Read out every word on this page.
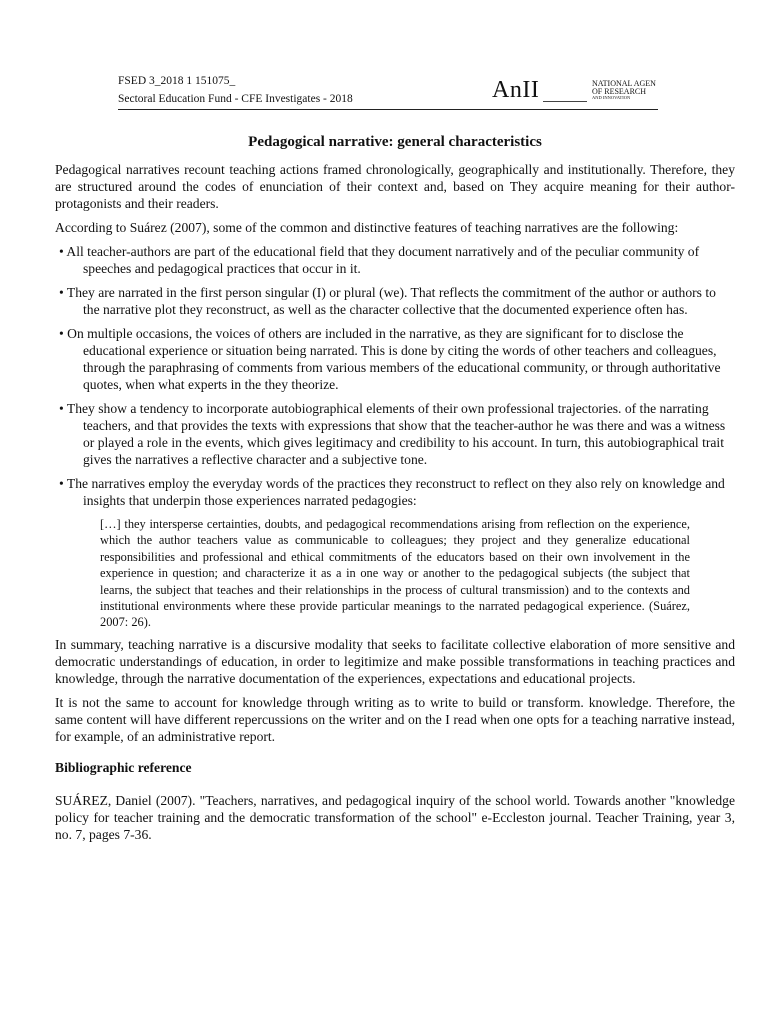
FSED 3_2018 1 151075_
Sectoral Education Fund - CFE Investigates - 2018	AnII	NATIONAL AGEN
OF RESEARCH
AND INNOVATION
Pedagogical narrative: general characteristics

Pedagogical narratives recount teaching actions framed chronologically, geographically and institutionally. Therefore, they are structured around the codes of enunciation of their context and, based on They acquire meaning for their author-protagonists and their readers.

According to Suárez (2007), some of the common and distinctive features of teaching narratives are the following:

• All teacher-authors are part of the educational field that they document narratively and of the peculiar community of speeches and pedagogical practices that occur in it.
• They are narrated in the first person singular (I) or plural (we). That reflects the commitment of the author or authors to the narrative plot they reconstruct, as well as the character collective that the documented experience often has.
• On multiple occasions, the voices of others are included in the narrative, as they are significant for to disclose the educational experience or situation being narrated. This is done by citing the words of other teachers and colleagues, through the paraphrasing of comments from various members of the educational community, or through authoritative quotes, when what experts in the they theorize.
• They show a tendency to incorporate autobiographical elements of their own professional trajectories. of the narrating teachers, and that provides the texts with expressions that show that the teacher-author he was there and was a witness or played a role in the events, which gives legitimacy and credibility to his account. In turn, this autobiographical trait gives the narratives a reflective character and a subjective tone.
• The narratives employ the everyday words of the practices they reconstruct to reflect on they also rely on knowledge and insights that underpin those experiences narrated pedagogies:
[…] they intersperse certainties, doubts, and pedagogical recommendations arising from reflection on the experience, which the author teachers value as communicable to colleagues; they project and they generalize educational responsibilities and professional and ethical commitments of the educators based on their own involvement in the experience in question; and characterize it as a in one way or another to the pedagogical subjects (the subject that learns, the subject that teaches and their relationships in the process of cultural transmission) and to the contexts and institutional environments where these provide particular meanings to the narrated pedagogical experience. (Suárez, 2007: 26).

In summary, teaching narrative is a discursive modality that seeks to facilitate collective elaboration of more sensitive and democratic understandings of education, in order to legitimize and make possible transformations in teaching practices and knowledge, through the narrative documentation of the experiences, expectations and educational projects.

It is not the same to account for knowledge through writing as to write to build or transform. knowledge. Therefore, the same content will have different repercussions on the writer and on the I read when one opts for a teaching narrative instead, for example, of an administrative report.

Bibliographic reference

SUÁREZ, Daniel (2007). "Teachers, narratives, and pedagogical inquiry of the school world. Towards another "knowledge policy for teacher training and the democratic transformation of the school" e-Eccleston journal. Teacher Training, year 3, no. 7, pages 7-36.
